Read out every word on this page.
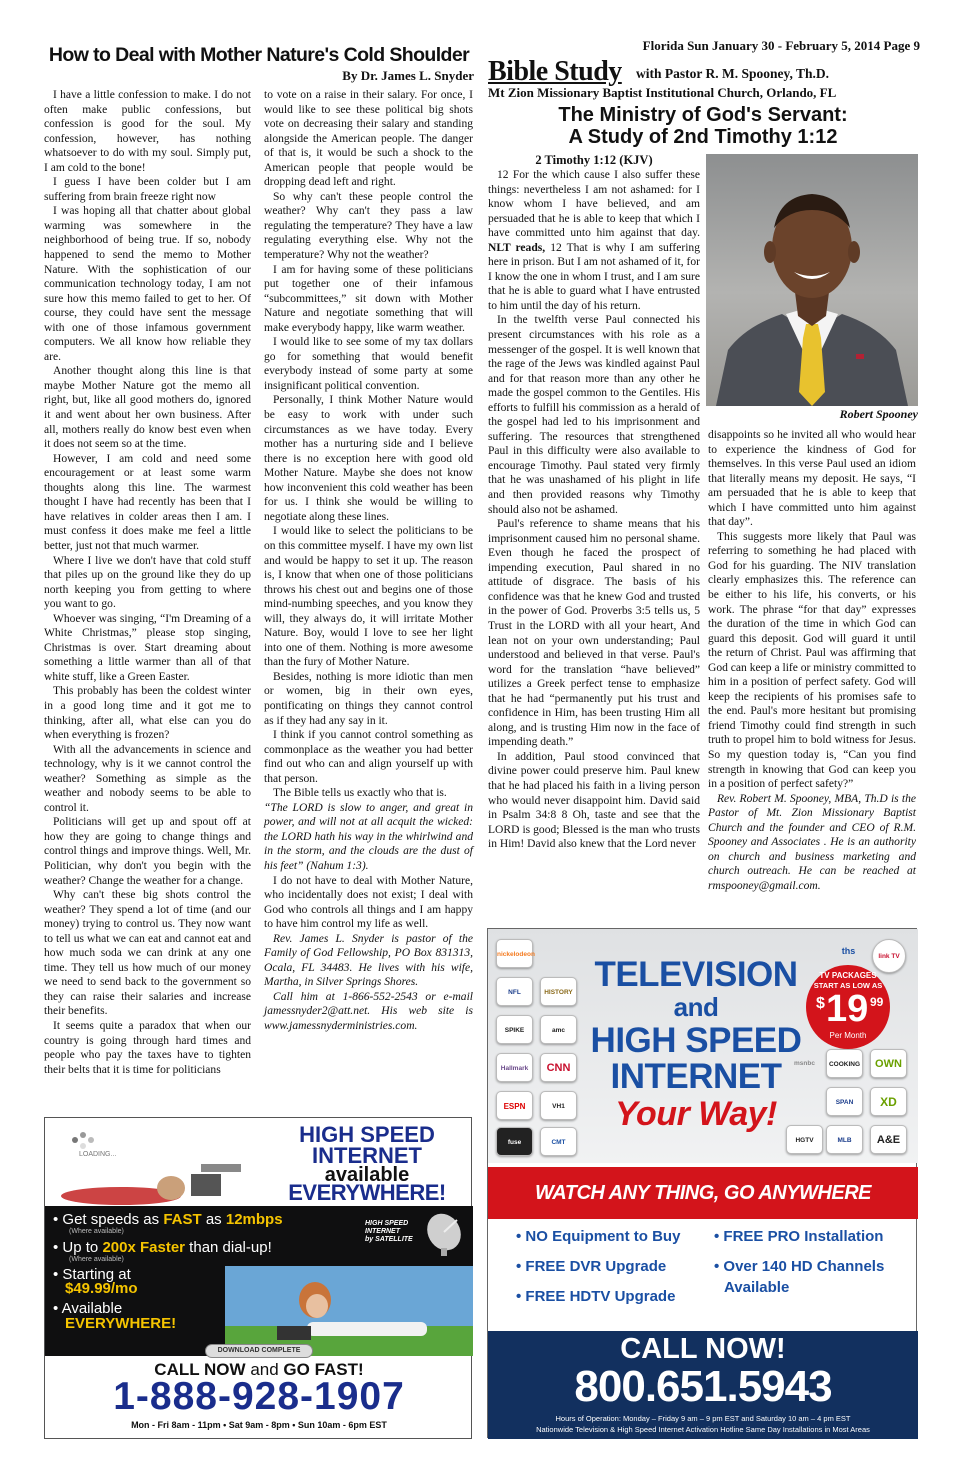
Florida Sun January 30 - February 5, 2014 Page 9
How to Deal with Mother Nature's Cold Shoulder
By Dr. James L. Snyder Bible Study with Pastor R. M. Spooney, Th.D.
Mt Zion Missionary Baptist Institutional Church, Orlando, FL
The Ministry of God's Servant:
A Study of 2nd Timothy 1:12
2 Timothy 1:12 (KJV)

I have a little confession to make. I do not often make public confessions, but confession is good for the soul. My confession, however, has nothing whatsoever to do with my soul. Simply put, I am cold to the bone!

I guess I have been colder but I am suffering from brain freeze right now

I was hoping all that chatter about global warming was somewhere in the neighborhood of being true. If so, nobody happened to send the memo to Mother Nature. With the sophistication of our communication technology today, I am not sure how this memo failed to get to her. Of course, they could have sent the message with one of those infamous government computers. We all know how reliable they are.

Another thought along this line is that maybe Mother Nature got the memo all right, but, like all good mothers do, ignored it and went about her own business. After all, mothers really do know best even when it does not seem so at the time.

However, I am cold and need some encouragement or at least some warm thoughts along this line. The warmest thought I have had recently has been that I have relatives in colder areas then I am. I must confess it does make me feel a little better, just not that much warmer.

Where I live we don't have that cold stuff that piles up on the ground like they do up north keeping you from getting to where you want to go.

Whoever was singing, “I'm Dreaming of a White Christmas,” please stop singing, Christmas is over. Start dreaming about something a little warmer than all of that white stuff, like a Green Easter.

This probably has been the coldest winter in a good long time and it got me to thinking, after all, what else can you do when everything is frozen?

With all the advancements in science and technology, why is it we cannot control the weather? Something as simple as the weather and nobody seems to be able to control it.

Politicians will get up and spout off at how they are going to change things and control things and improve things. Well, Mr. Politician, why don't you begin with the weather? Change the weather for a change.

Why can't these big shots control the weather? They spend a lot of time (and our money) trying to control us. They now want to tell us what we can eat and cannot eat and how much soda we can drink at any one time. They tell us how much of our money we need to send back to the government so they can raise their salaries and increase their benefits.

It seems quite a paradox that when our country is going through hard times and people who pay the taxes have to tighten their belts that it is time for politicians

to vote on a raise in their salary. For once, I would like to see these political big shots vote on decreasing their salary and standing alongside the American people. The danger of that is, it would be such a shock to the American people that people would be dropping dead left and right.

So why can't these people control the weather? Why can't they pass a law regulating the temperature? They have a law regulating everything else. Why not the temperature? Why not the weather?

I am for having some of these politicians put together one of their infamous “subcommittees,” sit down with Mother Nature and negotiate something that will make everybody happy, like warm weather.

I would like to see some of my tax dollars go for something that would benefit everybody instead of some party at some insignificant political convention.

Personally, I think Mother Nature would be easy to work with under such circumstances as we have today. Every mother has a nurturing side and I believe there is no exception here with good old Mother Nature. Maybe she does not know how inconvenient this cold weather has been for us. I think she would be willing to negotiate along these lines.

I would like to select the politicians to be on this committee myself. I have my own list and would be happy to set it up. The reason is, I know that when one of those politicians throws his chest out and begins one of those mind-numbing speeches, and you know they will, they always do, it will irritate Mother Nature. Boy, would I love to see her light into one of them. Nothing is more awesome than the fury of Mother Nature.

Besides, nothing is more idiotic than men or women, big in their own eyes, pontificating on things they cannot control as if they had any say in it.

I think if you cannot control something as commonplace as the weather you had better find out who can and align yourself up with that person.

The Bible tells us exactly who that is.

“The LORD is slow to anger, and great in power, and will not at all acquit the wicked: the LORD hath his way in the whirlwind and in the storm, and the clouds are the dust of his feet” (Nahum 1:3).

I do not have to deal with Mother Nature, who incidentally does not exist; I deal with God who controls all things and I am happy to have him control my life as well.

Rev. James L. Snyder is pastor of the Family of God Fellowship, PO Box 831313, Ocala, FL 34483. He lives with his wife, Martha, in Silver Springs Shores.

Call him at 1-866-552-2543 or e-mail jamessnyder2@att.net. His web site is www.jamessnyderministries.com.

12 For the which cause I also suffer these things: nevertheless I am not ashamed: for I know whom I have believed, and am persuaded that he is able to keep that which I have committed unto him against that day. NLT reads, 12 That is why I am suffering here in prison. But I am not ashamed of it, for I know the one in whom I trust, and I am sure that he is able to guard what I have entrusted to him until the day of his return.

In the twelfth verse Paul connected his present circumstances with his role as a messenger of the gospel. It is well known that the rage of the Jews was kindled against Paul and for that reason more than any other he made the gospel common to the Gentiles. His efforts to fulfill his commission as a herald of the gospel had led to his imprisonment and suffering. The resources that strengthened Paul in this difficulty were also available to encourage Timothy. Paul stated very firmly that he was unashamed of his plight in life and then provided reasons why Timothy should also not be ashamed.

Paul's reference to shame means that his imprisonment caused him no personal shame. Even though he faced the prospect of impending execution, Paul shared in no attitude of disgrace. The basis of his confidence was that he knew God and trusted in the power of God. Proverbs 3:5 tells us, 5 Trust in the LORD with all your heart, And lean not on your own understanding; Paul understood and believed in that verse. Paul's word for the translation “have believed” utilizes a Greek perfect tense to emphasize that he had “permanently put his trust and confidence in Him, has been trusting Him all along, and is trusting Him now in the face of impending death.”

In addition, Paul stood convinced that divine power could preserve him. Paul knew that he had placed his faith in a living person who would never disappoint him. David said in Psalm 34:8 8 Oh, taste and see that the LORD is good; Blessed is the man who trusts in Him! David also knew that the Lord never

Robert Spooney

disappoints so he invited all who would hear to experience the kindness of God for themselves. In this verse Paul used an idiom that literally means my deposit. He says, “I am persuaded that he is able to keep that which I have committed unto him against that day”.

This suggests more likely that Paul was referring to something he had placed with God for his guarding. The NIV translation clearly emphasizes this. The reference can be either to his life, his converts, or his work. The phrase “for that day” expresses the duration of the time in which God can guard this deposit. God will guard it until the return of Christ. Paul was affirming that God can keep a life or ministry committed to him in a position of perfect safety. God will keep the recipients of his promises safe to the end. Paul's more hesitant but promising friend Timothy could find strength in such truth to propel him to bold witness for Jesus. So my question today is, “Can you find strength in knowing that God can keep you in a position of perfect safety?”

Rev. Robert M. Spooney, MBA, Th.D is the Pastor of Mt. Zion Missionary Baptist Church and the founder and CEO of R.M. Spooney and Associates . He is an authority on church and business marketing and church outreach. He can be reached at rmspooney@gmail.com.

LOADING...
HIGH SPEED
INTERNET
available
EVERYWHERE!
• Get speeds as FAST as 12mbps
(Where available)
• Up to 200x Faster than dial-up!
(Where available)
• Starting at
$49.99/mo
• Available
EVERYWHERE!
HIGH SPEED
INTERNET
by SATELLITE
DOWNLOAD COMPLETE
CALL NOW and GO FAST!
1-888-928-1907
Mon - Fri 8am - 11pm • Sat 9am - 8pm • Sun 10am - 6pm EST
nickelodeon
NFL	HISTORY
SPIKE	amc
Hallmark	CNN
ESPN	VH1
fuse	CMT
ths
link TV
msnbc	COOKING	OWN
HGTV
SPAN	XD
MLB	A&E
TELEVISION
and
HIGH SPEED
INTERNET
Your Way!
TV PACKAGES
START AS LOW AS
$ 19 99
Per Month
WATCH ANY THING, GO ANYWHERE
• NO Equipment to Buy
• FREE DVR Upgrade
• FREE HDTV Upgrade
• FREE PRO Installation
• Over 140 HD Channels
Available
CALL NOW!
800.651.5943
Hours of Operation: Monday – Friday 9 am – 9 pm EST and Saturday 10 am – 4 pm EST
Nationwide Television & High Speed Internet Activation Hotline Same Day Installations in Most Areas
